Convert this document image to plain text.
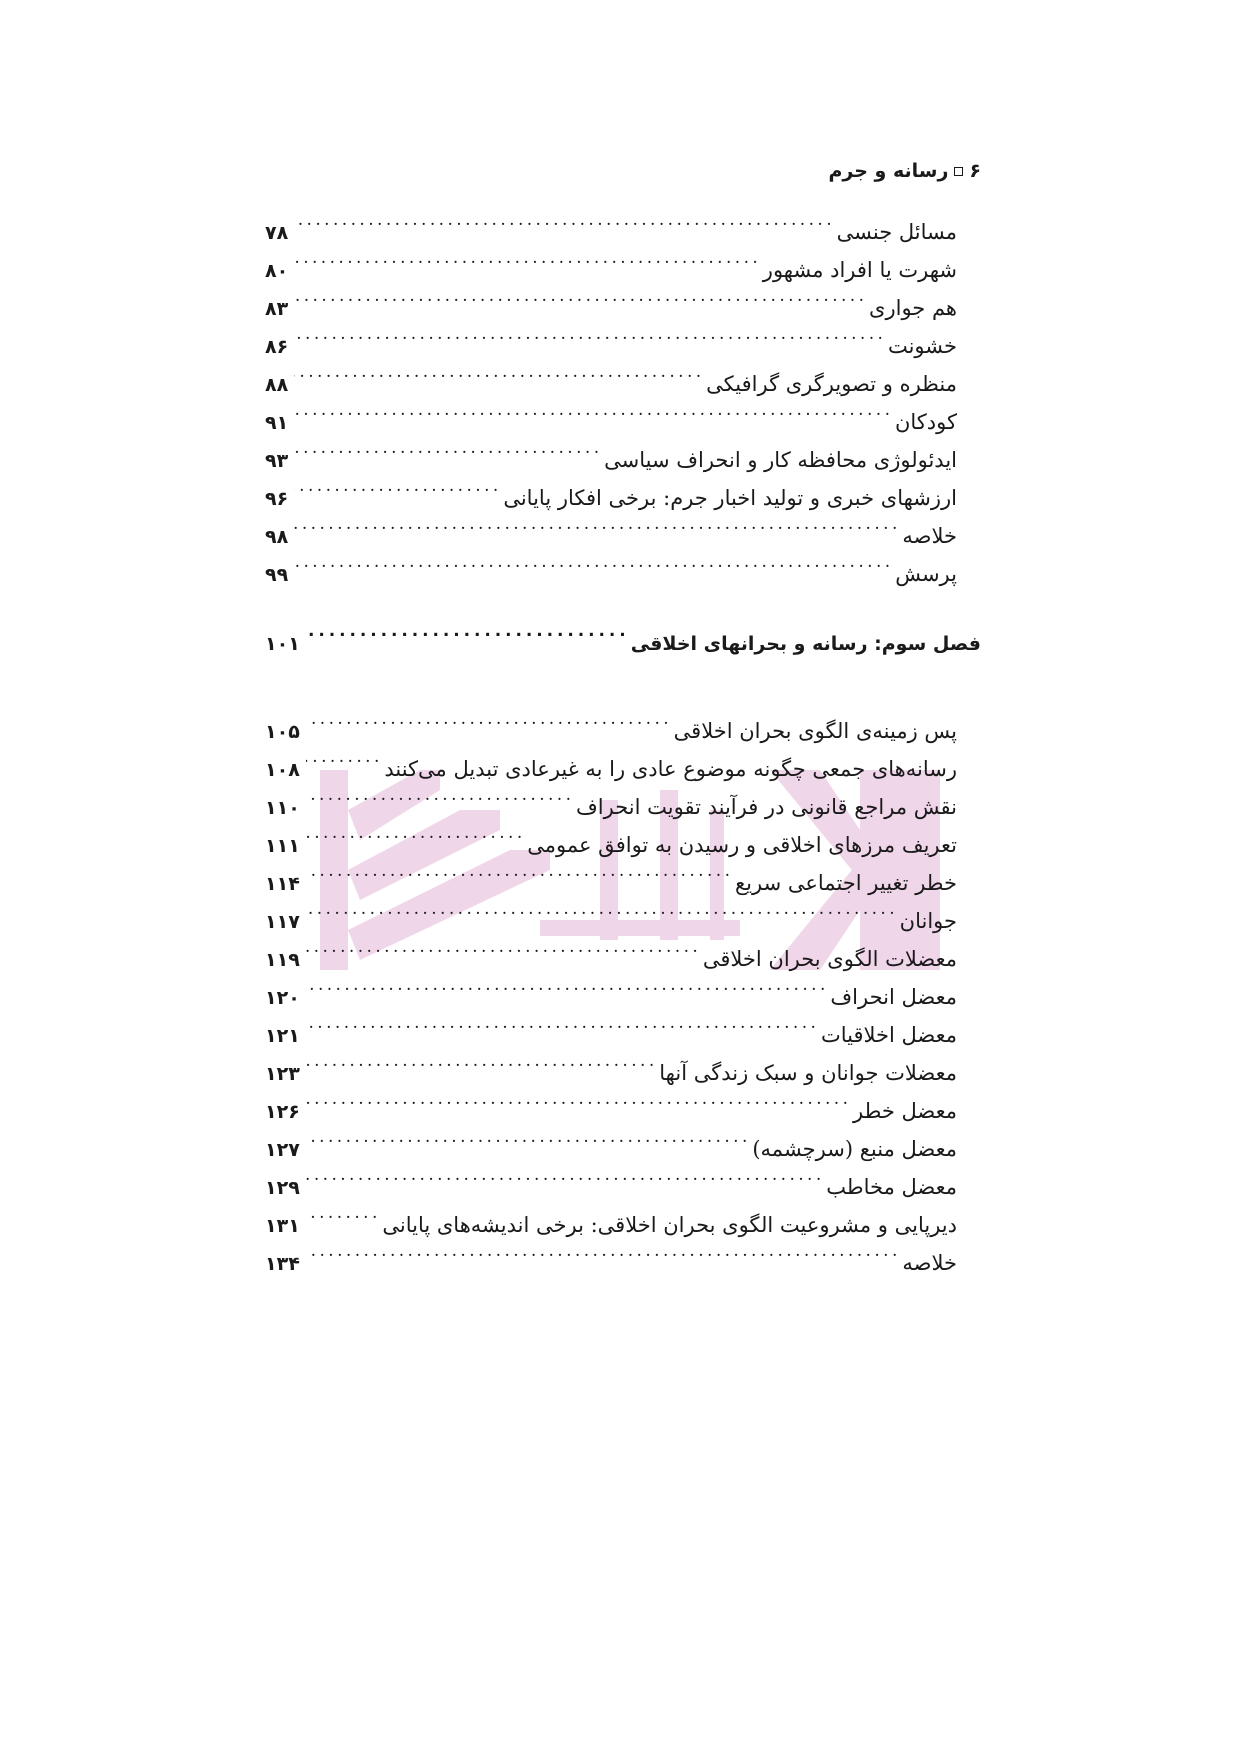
۶
رسانه و جرم
مسائل جنسی
. . .
۷۸
شهرت یا افراد مشهور
. . .
۸۰
هم جواری
. . .
۸۳
خشونت
. . .
۸۶
منظره و تصویرگری گرافیکی
. . .
۸۸
کودکان
. . .
۹۱
ایدئولوژی محافظه کار و انحراف سیاسی
. . .
۹۳
ارزشهای خبری و تولید اخبار جرم: برخی افکار پایانی
. . .
۹۶
خلاصه
. . .
۹۸
پرسش
. . .
۹۹
فصل سوم: رسانه و بحرانهای اخلاقی
. . .
۱۰۱
پس زمینه‌ی الگوی بحران اخلاقی
. . .
۱۰۵
رسانه‌های جمعی چگونه موضوع عادی را به غیرعادی تبدیل می‌کنند
. . .
۱۰۸
نقش مراجع قانونی در فرآیند تقویت انحراف
. . .
۱۱۰
تعریف مرزهای اخلاقی و رسیدن به توافق عمومی
. . .
۱۱۱
خطر تغییر اجتماعی سریع
. . .
۱۱۴
جوانان
. . .
۱۱۷
معضلات الگوی بحران اخلاقی
. . .
۱۱۹
معضل انحراف
. . .
۱۲۰
معضل اخلاقیات
. . .
۱۲۱
معضلات جوانان و سبک زندگی آنها
. . .
۱۲۳
معضل خطر
. . .
۱۲۶
معضل منبع (سرچشمه)
. . .
۱۲۷
معضل مخاطب
. . .
۱۲۹
دیرپایی و مشروعیت الگوی بحران اخلاقی: برخی اندیشه‌های پایانی
. . .
۱۳۱
خلاصه
. . .
۱۳۴
